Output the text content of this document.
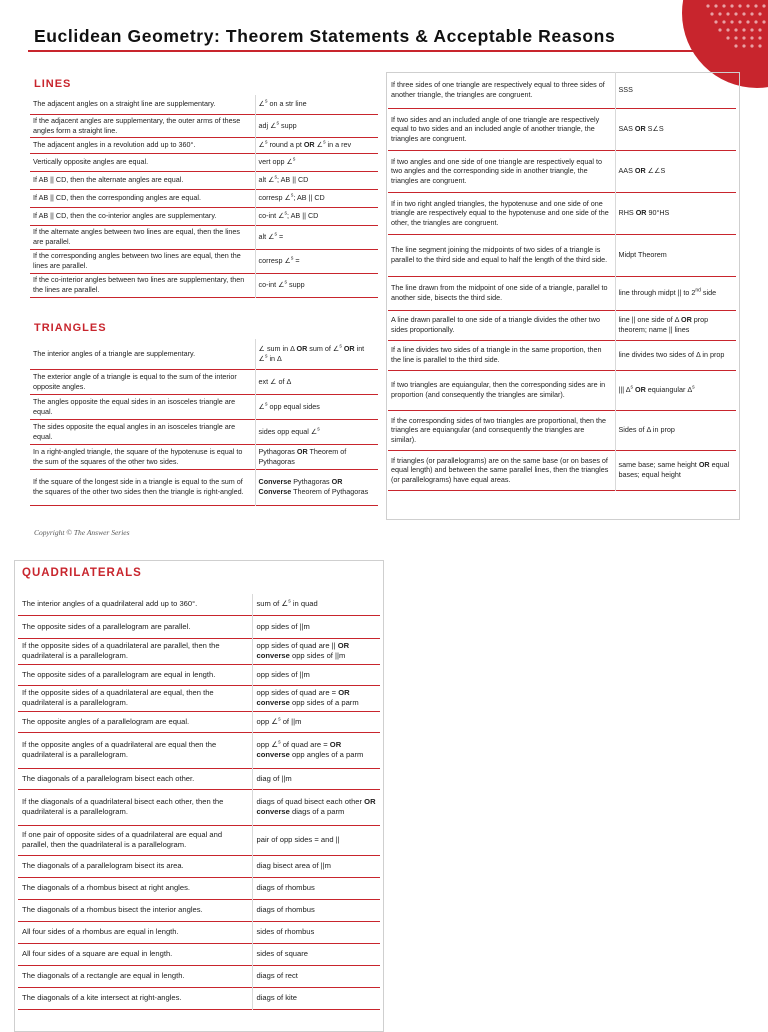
Euclidean Geometry: Theorem Statements & Acceptable Reasons
LINES
The adjacent angles on a straight line are supplementary.	∠$^s$ on a str line
If the adjacent angles are supplementary, the outer arms of these angles form a straight line.	adj ∠$^s$ supp
The adjacent angles in a revolution add up to 360°.	∠$^s$ round a pt OR ∠$^s$ in a rev
Vertically opposite angles are equal.	vert opp ∠$^s$
If AB || CD, then the alternate angles are equal.	alt ∠$^s$; AB || CD
If AB || CD, then the corresponding angles are equal.	corresp ∠$^s$; AB || CD
If AB || CD, then the co-interior angles are supplementary.	co-int ∠$^s$; AB || CD
If the alternate angles between two lines are equal, then the lines are parallel.	alt ∠$^s$ =
If the corresponding angles between two lines are equal, then the lines are parallel.	corresp ∠$^s$ =
If the co-interior angles between two lines are supplementary, then the lines are parallel.	co-int ∠$^s$ supp
TRIANGLES
The interior angles of a triangle are supplementary.	∠ sum in Δ OR sum of ∠$^s$ OR int ∠$^s$ in Δ
The exterior angle of a triangle is equal to the sum of the interior opposite angles.	ext ∠ of Δ
The angles opposite the equal sides in an isosceles triangle are equal.	∠$^s$ opp equal sides
The sides opposite the equal angles in an isosceles triangle are equal.	sides opp equal ∠$^s$
In a right-angled triangle, the square of the hypotenuse is equal to the sum of the squares of the other two sides.	Pythagoras OR Theorem of Pythagoras
If the square of the longest side in a triangle is equal to the sum of the squares of the other two sides then the triangle is right-angled.	Converse Pythagoras OR Converse Theorem of Pythagoras
If three sides of one triangle are respectively equal to three sides of another triangle, the triangles are congruent.	SSS
If two sides and an included angle of one triangle are respectively equal to two sides and an included angle of another triangle, the triangles are congruent.	SAS OR S∠S
If two angles and one side of one triangle are respectively equal to two angles and the corresponding side in another triangle, the triangles are congruent.	AAS OR ∠∠S
If in two right angled triangles, the hypotenuse and one side of one triangle are respectively equal to the hypotenuse and one side of the other, the triangles are congruent.	RHS OR 90°HS
The line segment joining the midpoints of two sides of a triangle is parallel to the third side and equal to half the length of the third side.	Midpt Theorem
The line drawn from the midpoint of one side of a triangle, parallel to another side, bisects the third side.	line through midpt || to 2nd side
A line drawn parallel to one side of a triangle divides the other two sides proportionally.	line || one side of Δ OR prop theorem; name || lines
If a line divides two sides of a triangle in the same proportion, then the line is parallel to the third side.	line divides two sides of Δ in prop
If two triangles are equiangular, then the corresponding sides are in proportion (and consequently the triangles are similar).	||| $\Delta^s$ OR equiangular $\Delta^s$
If the corresponding sides of two triangles are proportional, then the triangles are equiangular (and consequently the triangles are similar).	Sides of Δ in prop
If triangles (or parallelograms) are on the same base (or on bases of equal length) and between the same parallel lines, then the triangles (or parallelograms) have equal areas.	same base; same height OR equal bases; equal height
Copyright © The Answer Series
QUADRILATERALS
The interior angles of a quadrilateral add up to 360°.	sum of ∠$^s$ in quad
The opposite sides of a parallelogram are parallel.	opp sides of ||m
If the opposite sides of a quadrilateral are parallel, then the quadrilateral is a parallelogram.	opp sides of quad are || OR converse opp sides of ||m
The opposite sides of a parallelogram are equal in length.	opp sides of ||m
If the opposite sides of a quadrilateral are equal, then the quadrilateral is a parallelogram.	opp sides of quad are = OR converse opp sides of a parm
The opposite angles of a parallelogram are equal.	opp ∠$^s$ of ||m
If the opposite angles of a quadrilateral are equal then the quadrilateral is a parallelogram.	opp ∠$^s$ of quad are = OR converse opp angles of a parm
The diagonals of a parallelogram bisect each other.	diag of ||m
If the diagonals of a quadrilateral bisect each other, then the quadrilateral is a parallelogram.	diags of quad bisect each other OR converse diags of a parm
If one pair of opposite sides of a quadrilateral are equal and parallel, then the quadrilateral is a parallelogram.	pair of opp sides = and ||
The diagonals of a parallelogram bisect its area.	diag bisect area of ||m
The diagonals of a rhombus bisect at right angles.	diags of rhombus
The diagonals of a rhombus bisect the interior angles.	diags of rhombus
All four sides of a rhombus are equal in length.	sides of rhombus
All four sides of a square are equal in length.	sides of square
The diagonals of a rectangle are equal in length.	diags of rect
The diagonals of a kite intersect at right-angles.	diags of kite
